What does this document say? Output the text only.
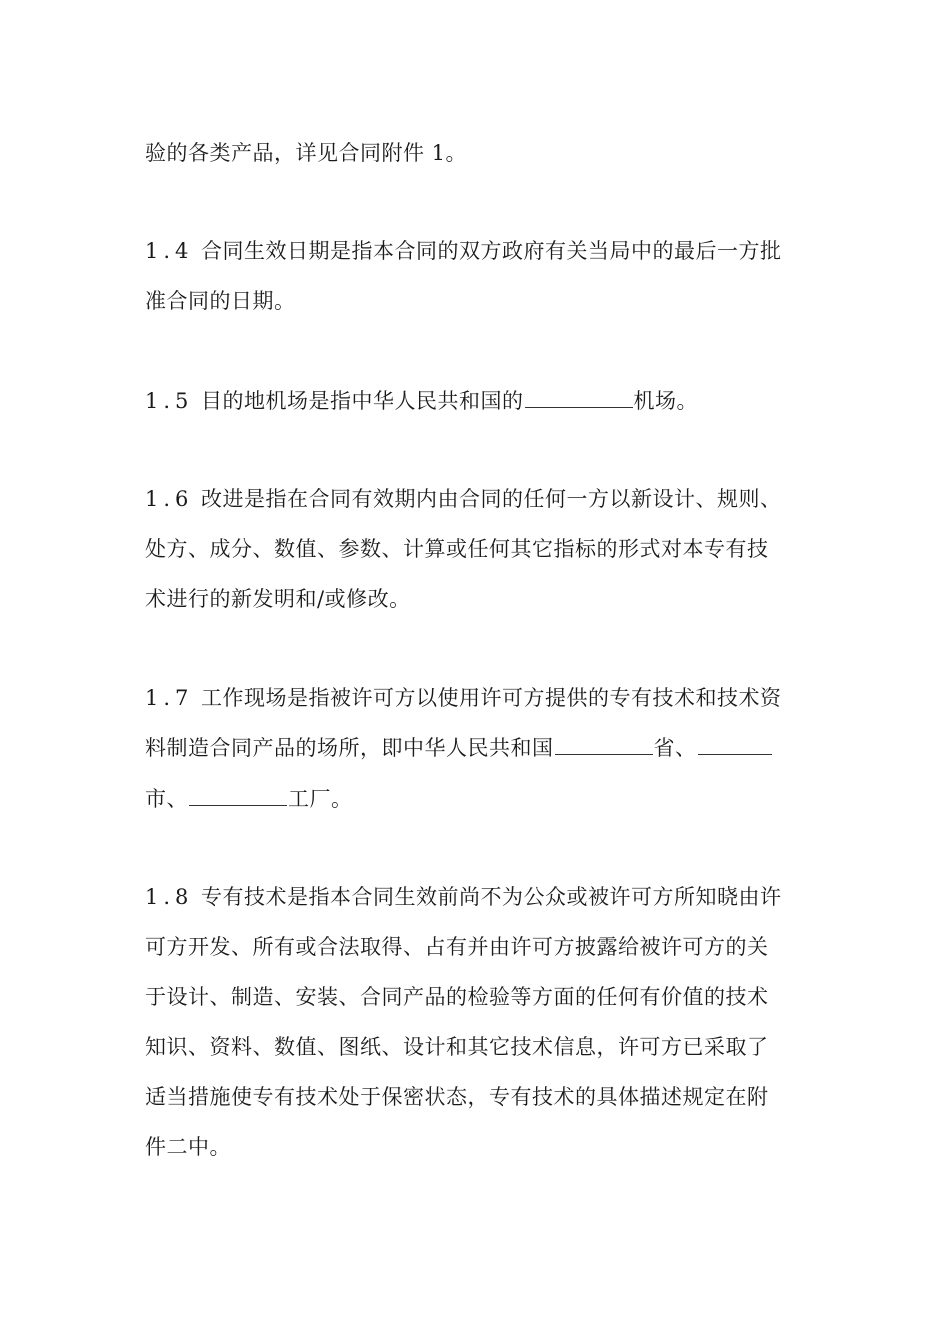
验的各类产品，详见合同附件 1。
1.4 合同生效日期是指本合同的双方政府有关当局中的最后一方批
准合同的日期。
1.5 目的地机场是指中华人民共和国的	机场。
1.6 改进是指在合同有效期内由合同的任何一方以新设计、规则、
处方、成分、数值、参数、计算或任何其它指标的形式对本专有技
术进行的新发明和/或修改。
1.7 工作现场是指被许可方以使用许可方提供的专有技术和技术资
料制造合同产品的场所，即中华人民共和国	省、
市、	工厂。
1.8 专有技术是指本合同生效前尚不为公众或被许可方所知晓由许
可方开发、所有或合法取得、占有并由许可方披露给被许可方的关
于设计、制造、安装、合同产品的检验等方面的任何有价值的技术
知识、资料、数值、图纸、设计和其它技术信息，许可方已采取了
适当措施使专有技术处于保密状态，专有技术的具体描述规定在附
件二中。
